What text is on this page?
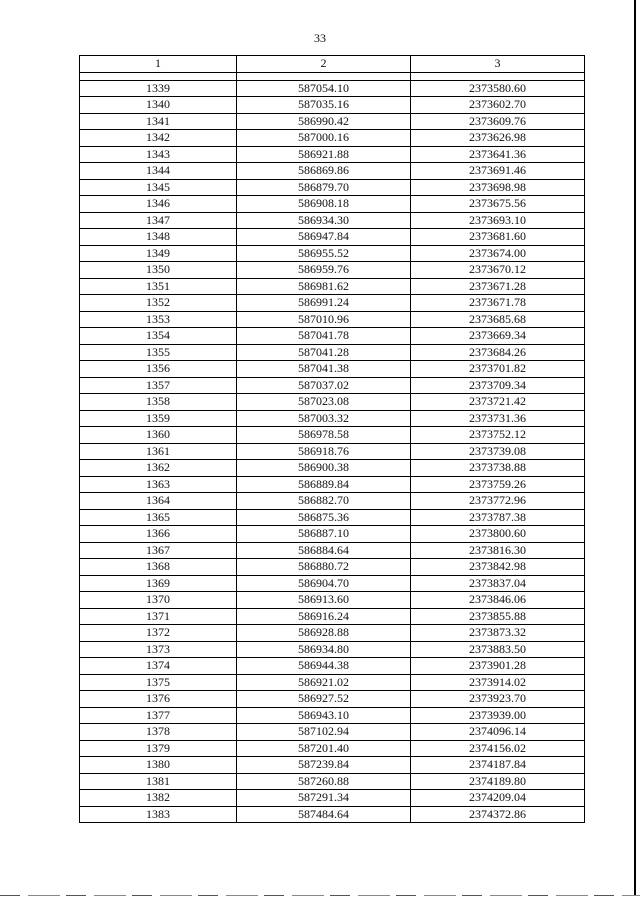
33
1	2	3

1339	587054.10	2373580.60
1340	587035.16	2373602.70
1341	586990.42	2373609.76
1342	587000.16	2373626.98
1343	586921.88	2373641.36
1344	586869.86	2373691.46
1345	586879.70	2373698.98
1346	586908.18	2373675.56
1347	586934.30	2373693.10
1348	586947.84	2373681.60
1349	586955.52	2373674.00
1350	586959.76	2373670.12
1351	586981.62	2373671.28
1352	586991.24	2373671.78
1353	587010.96	2373685.68
1354	587041.78	2373669.34
1355	587041.28	2373684.26
1356	587041.38	2373701.82
1357	587037.02	2373709.34
1358	587023.08	2373721.42
1359	587003.32	2373731.36
1360	586978.58	2373752.12
1361	586918.76	2373739.08
1362	586900.38	2373738.88
1363	586889.84	2373759.26
1364	586882.70	2373772.96
1365	586875.36	2373787.38
1366	586887.10	2373800.60
1367	586884.64	2373816.30
1368	586880.72	2373842.98
1369	586904.70	2373837.04
1370	586913.60	2373846.06
1371	586916.24	2373855.88
1372	586928.88	2373873.32
1373	586934.80	2373883.50
1374	586944.38	2373901.28
1375	586921.02	2373914.02
1376	586927.52	2373923.70
1377	586943.10	2373939.00
1378	587102.94	2374096.14
1379	587201.40	2374156.02
1380	587239.84	2374187.84
1381	587260.88	2374189.80
1382	587291.34	2374209.04
1383	587484.64	2374372.86
